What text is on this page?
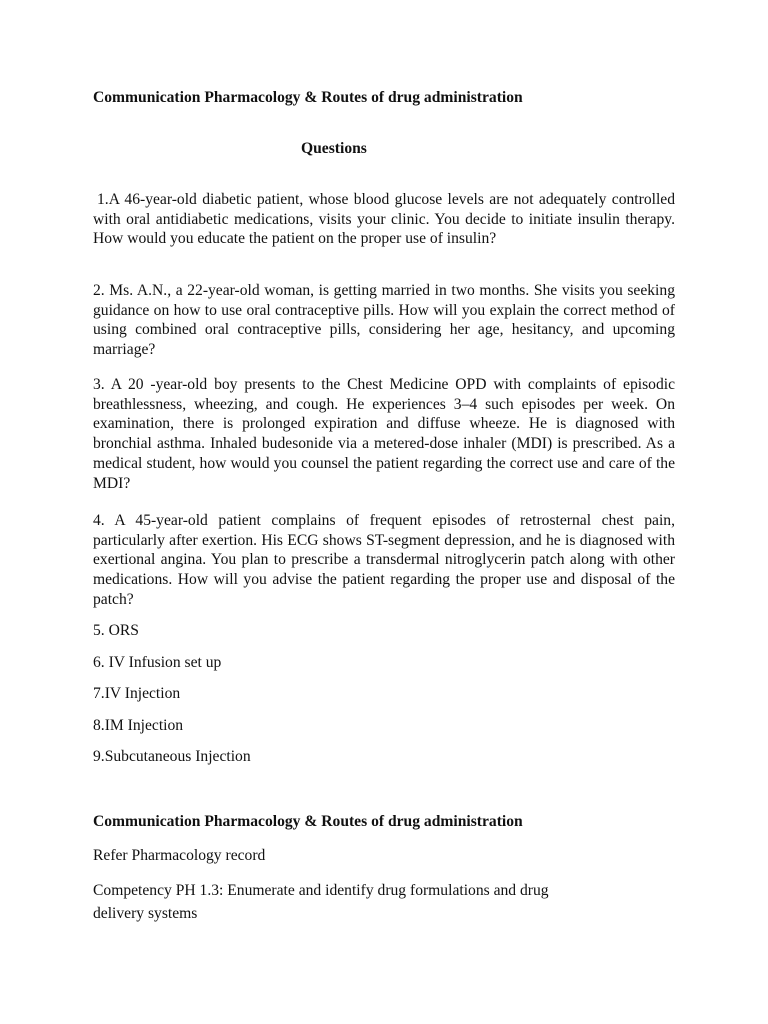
Communication Pharmacology & Routes of drug administration
Questions

1.A 46-year-old diabetic patient, whose blood glucose levels are not adequately controlled with oral antidiabetic medications, visits your clinic. You decide to initiate insulin therapy. How would you educate the patient on the proper use of insulin?

2. Ms. A.N., a 22-year-old woman, is getting married in two months. She visits you seeking guidance on how to use oral contraceptive pills. How will you explain the correct method of using combined oral contraceptive pills, considering her age, hesitancy, and upcoming marriage?

3. A 20 -year-old boy presents to the Chest Medicine OPD with complaints of episodic breathlessness, wheezing, and cough. He experiences 3–4 such episodes per week. On examination, there is prolonged expiration and diffuse wheeze. He is diagnosed with bronchial asthma. Inhaled budesonide via a metered-dose inhaler (MDI) is prescribed. As a medical student, how would you counsel the patient regarding the correct use and care of the MDI?

4. A 45-year-old patient complains of frequent episodes of retrosternal chest pain, particularly after exertion. His ECG shows ST-segment depression, and he is diagnosed with exertional angina. You plan to prescribe a transdermal nitroglycerin patch along with other medications. How will you advise the patient regarding the proper use and disposal of the patch?

5. ORS
6. IV Infusion set up
7.IV Injection
8.IM Injection
9.Subcutaneous Injection
Communication Pharmacology & Routes of drug administration
Refer Pharmacology record
Competency PH 1.3: Enumerate and identify drug formulations and drug
delivery systems
